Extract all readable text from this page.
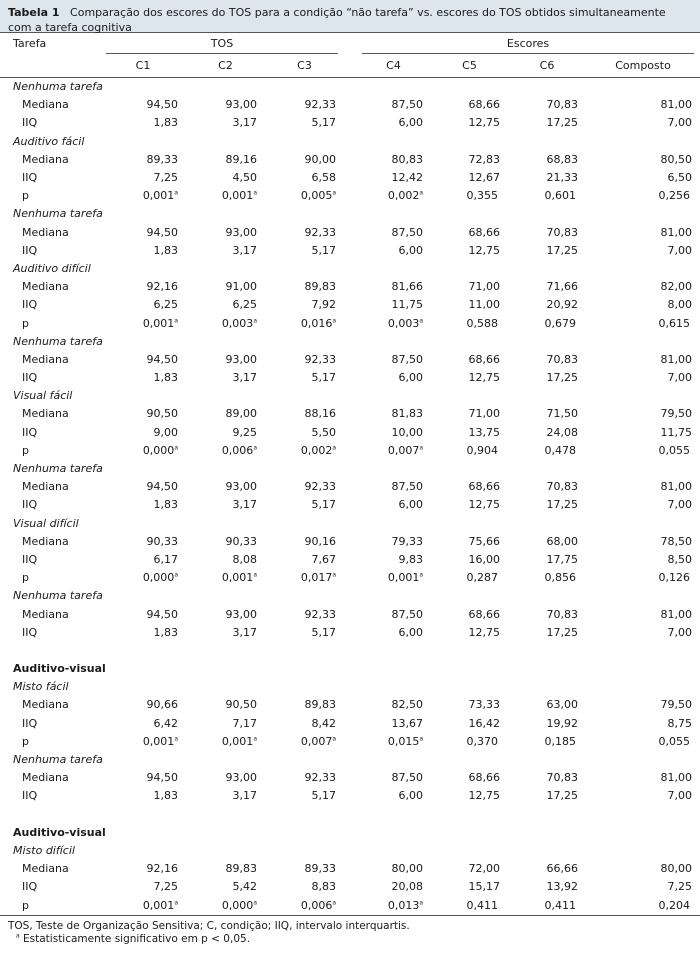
Tabela 1 Comparação dos escores do TOS para a condição “não tarefa” vs. escores do TOS obtidos simultaneamente com a tarefa cognitiva
Tarefa	TOS				Escores			

	C1	C2	C3		C4	C5	C6	Composto
Nenhuma tarefa								
Mediana	94,50	93,00	92,33		87,50	68,66	70,83	81,00
IIQ	1,83	3,17	5,17		6,00	12,75	17,25	7,00
Auditivo fácil								
Mediana	89,33	89,16	90,00		80,83	72,83	68,83	80,50
IIQ	7,25	4,50	6,58		12,42	12,67	21,33	6,50
p	0,001$^a$	0,001$^a$	0,005$^a$		0,002$^a$	0,355	0,601	0,256
Nenhuma tarefa								
Mediana	94,50	93,00	92,33		87,50	68,66	70,83	81,00
IIQ	1,83	3,17	5,17		6,00	12,75	17,25	7,00
Auditivo difícil								
Mediana	92,16	91,00	89,83		81,66	71,00	71,66	82,00
IIQ	6,25	6,25	7,92		11,75	11,00	20,92	8,00
p	0,001$^a$	0,003$^a$	0,016$^a$		0,003$^a$	0,588	0,679	0,615
Nenhuma tarefa								
Mediana	94,50	93,00	92,33		87,50	68,66	70,83	81,00
IIQ	1,83	3,17	5,17		6,00	12,75	17,25	7,00
Visual fácil								
Mediana	90,50	89,00	88,16		81,83	71,00	71,50	79,50
IIQ	9,00	9,25	5,50		10,00	13,75	24,08	11,75
p	0,000$^a$	0,006$^a$	0,002$^a$		0,007$^a$	0,904	0,478	0,055
Nenhuma tarefa								
Mediana	94,50	93,00	92,33		87,50	68,66	70,83	81,00
IIQ	1,83	3,17	5,17		6,00	12,75	17,25	7,00
Visual difícil								
Mediana	90,33	90,33	90,16		79,33	75,66	68,00	78,50
IIQ	6,17	8,08	7,67		9,83	16,00	17,75	8,50
p	0,000$^a$	0,001$^a$	0,017$^a$		0,001$^a$	0,287	0,856	0,126
Nenhuma tarefa								
Mediana	94,50	93,00	92,33		87,50	68,66	70,83	81,00
IIQ	1,83	3,17	5,17		6,00	12,75	17,25	7,00

Auditivo-visual								
Misto fácil								
Mediana	90,66	90,50	89,83		82,50	73,33	63,00	79,50
IIQ	6,42	7,17	8,42		13,67	16,42	19,92	8,75
p	0,001$^a$	0,001$^a$	0,007$^a$		0,015$^a$	0,370	0,185	0,055
Nenhuma tarefa								
Mediana	94,50	93,00	92,33		87,50	68,66	70,83	81,00
IIQ	1,83	3,17	5,17		6,00	12,75	17,25	7,00

Auditivo-visual								
Misto difícil								
Mediana	92,16	89,83	89,33		80,00	72,00	66,66	80,00
IIQ	7,25	5,42	8,83		20,08	15,17	13,92	7,25
p	0,001$^a$	0,000$^a$	0,006$^a$		0,013$^a$	0,411	0,411	0,204
TOS, Teste de Organização Sensitiva; C, condição; IIQ, intervalo interquartis.
$^a$ Estatisticamente significativo em p < 0,05.
